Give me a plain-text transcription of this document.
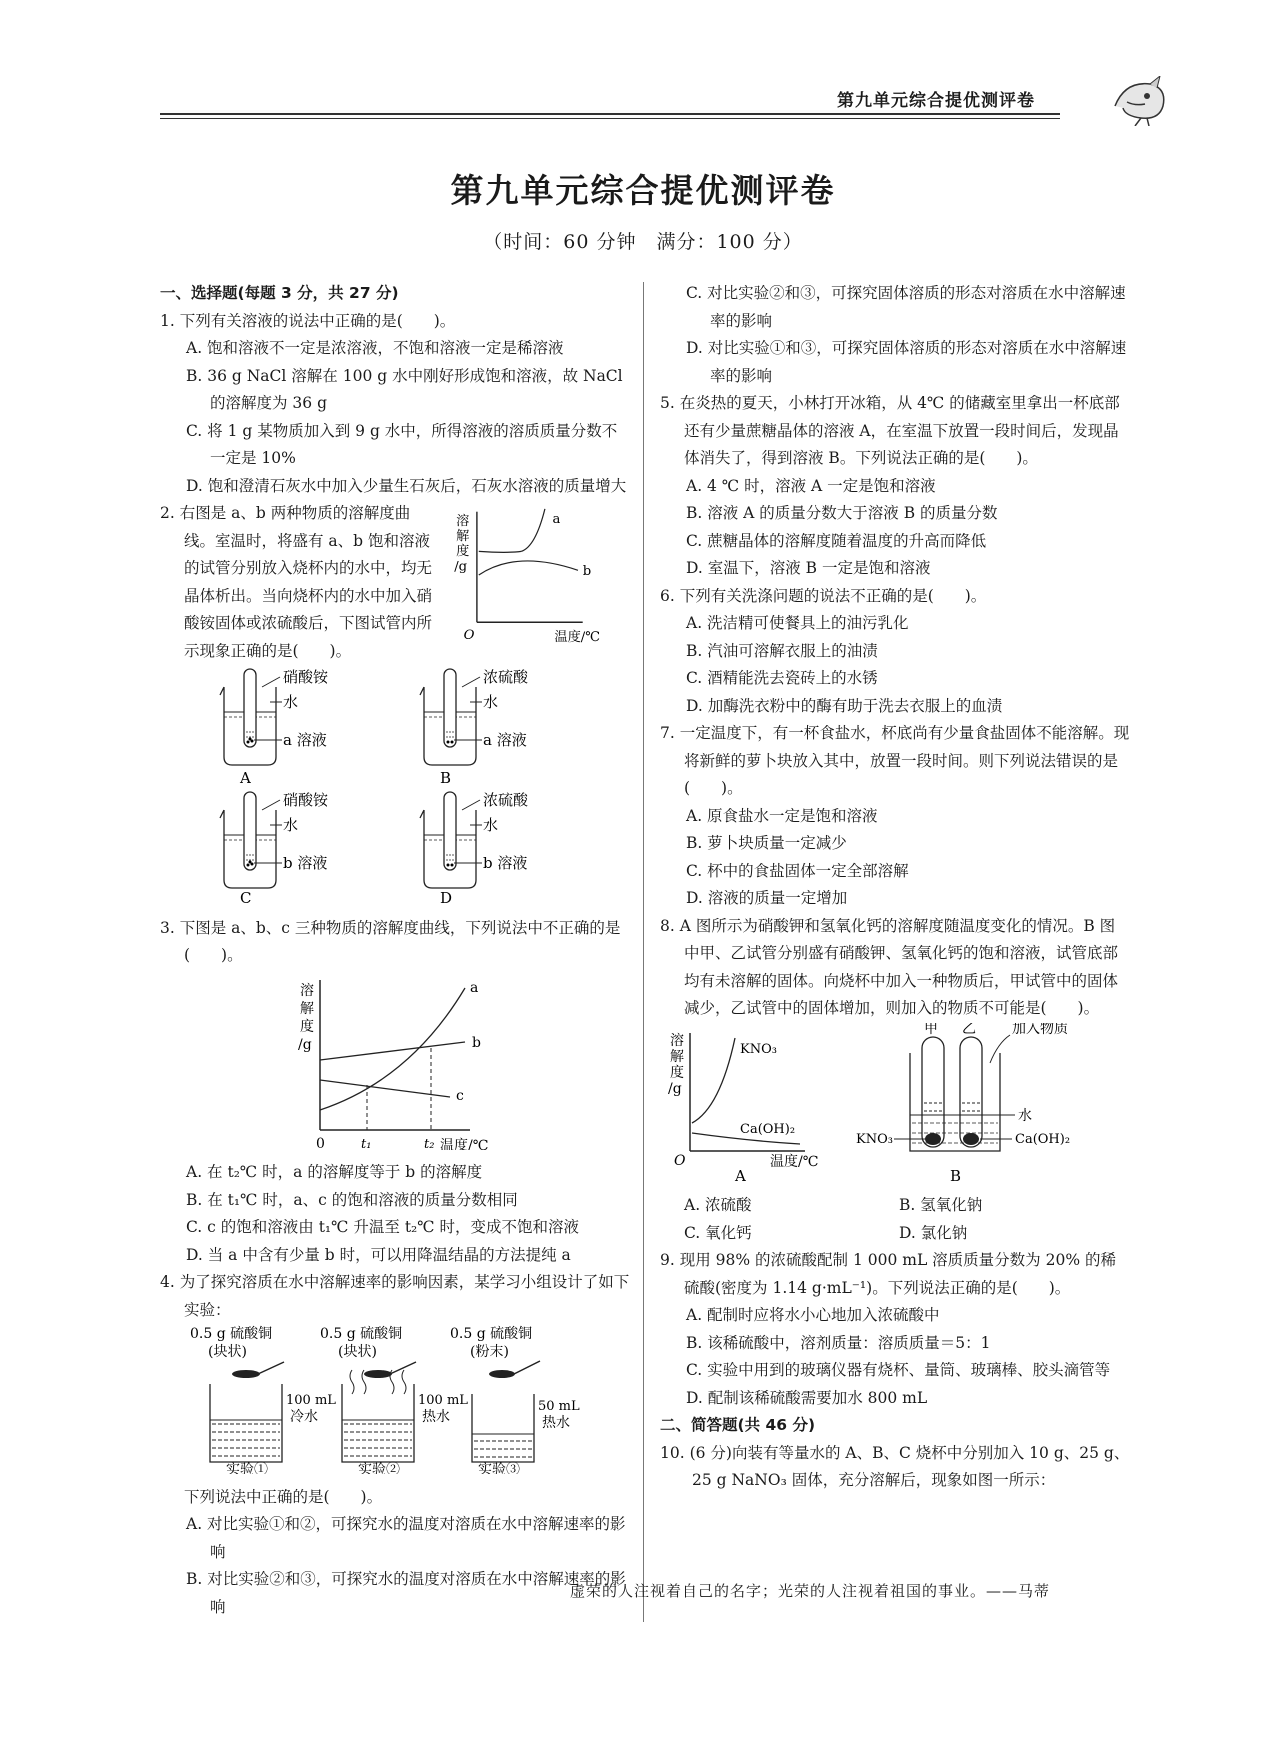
第九单元综合提优测评卷
第九单元综合提优测评卷
（时间：60 分钟　满分：100 分）
一、选择题(每题 3 分，共 27 分)
1. 下列有关溶液的说法中正确的是(　　)。
A. 饱和溶液不一定是浓溶液，不饱和溶液一定是稀溶液
B. 36 g NaCl 溶解在 100 g 水中刚好形成饱和溶液，故 NaCl 的溶解度为 36 g
C. 将 1 g 某物质加入到 9 g 水中，所得溶液的溶质质量分数不一定是 10%
D. 饱和澄清石灰水中加入少量生石灰后，石灰水溶液的质量增大
2. 右图是 a、b 两种物质的溶解度曲线。室温时，将盛有 a、b 饱和溶液的试管分别放入烧杯内的水中，均无晶体析出。当向烧杯内的水中加入硝酸铵固体或浓硫酸后，下图试管内所示现象正确的是(　　)。
溶
解
度
/g
a
b
O	温度/℃
硝酸铵
水
a 溶液
A
浓硫酸
水
a 溶液
B
硝酸铵
水
b 溶液
C
浓硫酸
水
b 溶液
D
3. 下图是 a、b、c 三种物质的溶解度曲线，下列说法中不正确的是(　　)。
溶
解
度
/g
a
b
c
0	t₁	t₂ 温度/℃
A. 在 t₂℃ 时，a 的溶解度等于 b 的溶解度
B. 在 t₁℃ 时，a、c 的饱和溶液的质量分数相同
C. c 的饱和溶液由 t₁℃ 升温至 t₂℃ 时，变成不饱和溶液
D. 当 a 中含有少量 b 时，可以用降温结晶的方法提纯 a
4. 为了探究溶质在水中溶解速率的影响因素，某学习小组设计了如下实验：
0.5 g 硫酸铜
(块状)
100 mL
冷水
实验①
0.5 g 硫酸铜
(块状)
100 mL
热水
实验②
0.5 g 硫酸铜
(粉末)
50 mL
热水
实验③
下列说法中正确的是(　　)。
A. 对比实验①和②，可探究水的温度对溶质在水中溶解速率的影响
B. 对比实验②和③，可探究水的温度对溶质在水中溶解速率的影响
C. 对比实验②和③，可探究固体溶质的形态对溶质在水中溶解速率的影响
D. 对比实验①和③，可探究固体溶质的形态对溶质在水中溶解速率的影响
5. 在炎热的夏天，小林打开冰箱，从 4℃ 的储藏室里拿出一杯底部还有少量蔗糖晶体的溶液 A，在室温下放置一段时间后，发现晶体消失了，得到溶液 B。下列说法正确的是(　　)。
A. 4 ℃ 时，溶液 A 一定是饱和溶液
B. 溶液 A 的质量分数大于溶液 B 的质量分数
C. 蔗糖晶体的溶解度随着温度的升高而降低
D. 室温下，溶液 B 一定是饱和溶液
6. 下列有关洗涤问题的说法不正确的是(　　)。
A. 洗洁精可使餐具上的油污乳化
B. 汽油可溶解衣服上的油渍
C. 酒精能洗去瓷砖上的水锈
D. 加酶洗衣粉中的酶有助于洗去衣服上的血渍
7. 一定温度下，有一杯食盐水，杯底尚有少量食盐固体不能溶解。现将新鲜的萝卜块放入其中，放置一段时间。则下列说法错误的是(　　)。
A. 原食盐水一定是饱和溶液
B. 萝卜块质量一定减少
C. 杯中的食盐固体一定全部溶解
D. 溶液的质量一定增加
8. A 图所示为硝酸钾和氢氧化钙的溶解度随温度变化的情况。B 图中甲、乙试管分别盛有硝酸钾、氢氧化钙的饱和溶液，试管底部均有未溶解的固体。向烧杯中加入一种物质后，甲试管中的固体减少，乙试管中的固体增加，则加入的物质不可能是(　　)。
溶
解
度
/g
KNO₃
Ca(OH)₂
O	温度/℃
A
甲 乙	加入物质
水
KNO₃	Ca(OH)₂
B
A. 浓硫酸	B. 氢氧化钠
C. 氧化钙	D. 氯化钠
9. 现用 98% 的浓硫酸配制 1 000 mL 溶质质量分数为 20% 的稀硫酸(密度为 1.14 g·mL⁻¹)。下列说法正确的是(　　)。
A. 配制时应将水小心地加入浓硫酸中
B. 该稀硫酸中，溶剂质量：溶质质量＝5：1
C. 实验中用到的玻璃仪器有烧杯、量筒、玻璃棒、胶头滴管等
D. 配制该稀硫酸需要加水 800 mL
二、简答题(共 46 分)
10. (6 分)向装有等量水的 A、B、C 烧杯中分别加入 10 g、25 g、25 g NaNO₃ 固体，充分溶解后，现象如图一所示：
虚荣的人注视着自己的名字；光荣的人注视着祖国的事业。——马蒂
